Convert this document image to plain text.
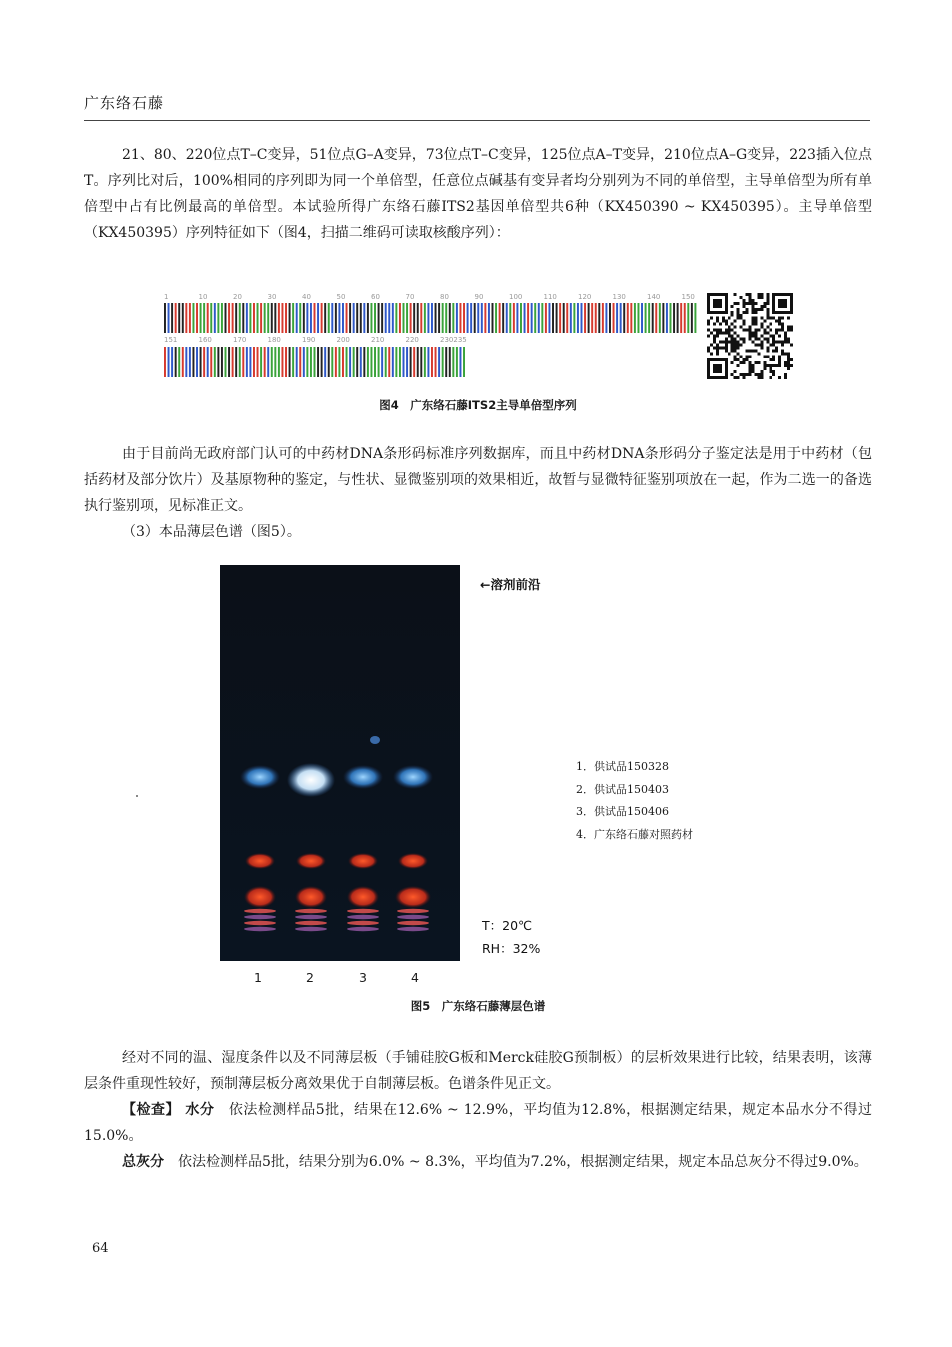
广东络石藤

21、80、220位点T–C变异，51位点G–A变异，73位点T–C变异，125位点A–T变异，210位点A–G变异，223插入位点T。序列比对后，100%相同的序列即为同一个单倍型，任意位点碱基有变异者均分别列为不同的单倍型，主导单倍型为所有单倍型中占有比例最高的单倍型。本试验所得广东络石藤ITS2基因单倍型共6种（KX450390 ~ KX450395）。主导单倍型（KX450395）序列特征如下（图4，扫描二维码可读取核酸序列）：

1	10	20	30	40	50	60	70	80	90	100	110	120	130	140	150
151	160	170	180	190	200	210	220	230235
图4　广东络石藤ITS2主导单倍型序列

由于目前尚无政府部门认可的中药材DNA条形码标准序列数据库，而且中药材DNA条形码分子鉴定法是用于中药材（包括药材及部分饮片）及基原物种的鉴定，与性状、显微鉴别项的效果相近，故暂与显微特征鉴别项放在一起，作为二选一的备选执行鉴别项，见标准正文。

（3）本品薄层色谱（图5）。

←溶剂前沿
T：20℃
RH：32%
1	2	3	4
1．供试品150328
2．供试品150403
3．供试品150406
4．广东络石藤对照药材
图5　广东络石藤薄层色谱

经对不同的温、湿度条件以及不同薄层板（手铺硅胶G板和Merck硅胶G预制板）的层析效果进行比较，结果表明，该薄层条件重现性较好，预制薄层板分离效果优于自制薄层板。色谱条件见正文。

【检查】 水分　 依法检测样品5批，结果在12.6% ~ 12.9%，平均值为12.8%，根据测定结果，规定本品水分不得过15.0%。

总灰分　 依法检测样品5批，结果分别为6.0% ~ 8.3%，平均值为7.2%，根据测定结果，规定本品总灰分不得过9.0%。

64
